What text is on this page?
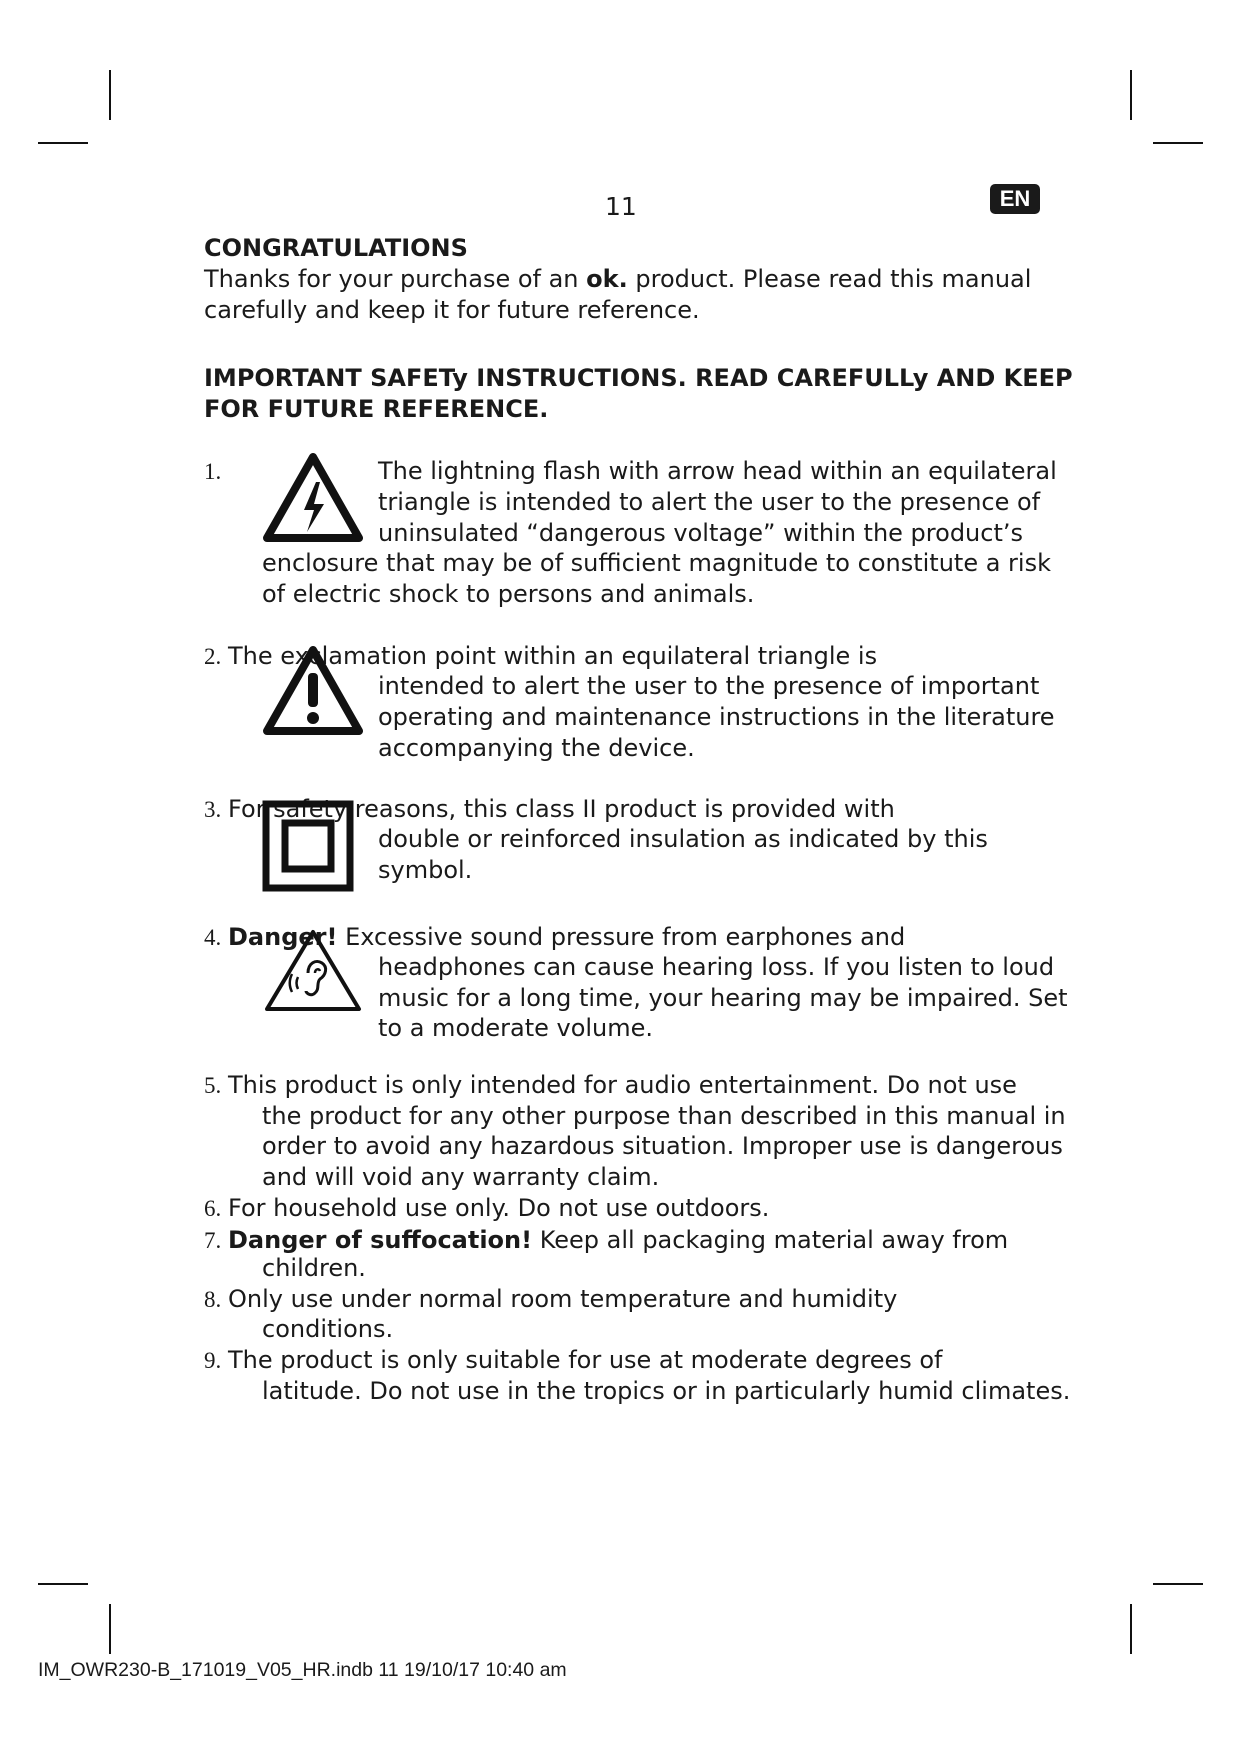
11	EN
CONGRATULATIONS
Thanks for your purchase of an ok. product. Please read this manual
carefully and keep it for future reference.
IMPORTANT SAFETy INSTRUCTIONS. READ CAREFULLy AND KEEP
FOR FUTURE REFERENCE.
1.	The lightning flash with arrow head within an equilateral
triangle is intended to alert the user to the presence of
uninsulated “dangerous voltage” within the product’s
enclosure that may be of sufficient magnitude to constitute a risk
of electric shock to persons and animals.
2. The exclamation point within an equilateral triangle is
intended to alert the user to the presence of important
operating and maintenance instructions in the literature
accompanying the device.
3. For safety reasons, this class II product is provided with
double or reinforced insulation as indicated by this
symbol.
4. Danger! Excessive sound pressure from earphones and
headphones can cause hearing loss. If you listen to loud
music for a long time, your hearing may be impaired. Set
to a moderate volume.
5. This product is only intended for audio entertainment. Do not use
the product for any other purpose than described in this manual in
order to avoid any hazardous situation. Improper use is dangerous
and will void any warranty claim.
6. For household use only. Do not use outdoors.
7. Danger of suffocation! Keep all packaging material away from
children.
8. Only use under normal room temperature and humidity
conditions.
9. The product is only suitable for use at moderate degrees of
latitude. Do not use in the tropics or in particularly humid climates.
IM_OWR230-B_171019_V05_HR.indb 11 19/10/17 10:40 am
